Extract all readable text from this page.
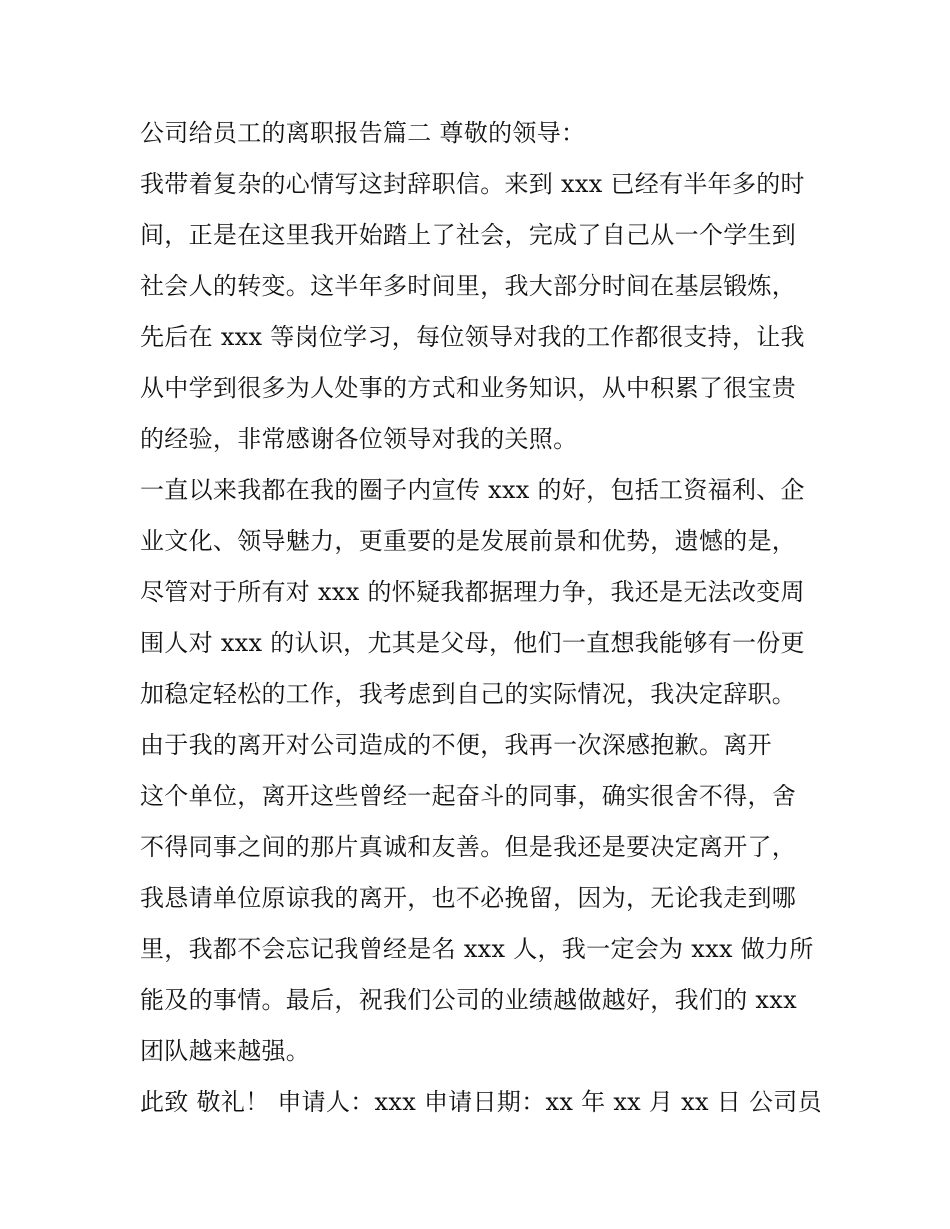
公司给员工的离职报告篇二 尊敬的领导：
我带着复杂的心情写这封辞职信。来到 xxx 已经有半年多的时
间，正是在这里我开始踏上了社会，完成了自己从一个学生到
社会人的转变。这半年多时间里，我大部分时间在基层锻炼，
先后在 xxx 等岗位学习，每位领导对我的工作都很支持，让我
从中学到很多为人处事的方式和业务知识，从中积累了很宝贵
的经验，非常感谢各位领导对我的关照。
一直以来我都在我的圈子内宣传 xxx 的好，包括工资福利、企
业文化、领导魅力，更重要的是发展前景和优势，遗憾的是，
尽管对于所有对 xxx 的怀疑我都据理力争，我还是无法改变周
围人对 xxx 的认识，尤其是父母，他们一直想我能够有一份更
加稳定轻松的工作，我考虑到自己的实际情况，我决定辞职。
由于我的离开对公司造成的不便，我再一次深感抱歉。离开
这个单位，离开这些曾经一起奋斗的同事，确实很舍不得，舍
不得同事之间的那片真诚和友善。但是我还是要决定离开了，
我恳请单位原谅我的离开，也不必挽留，因为，无论我走到哪
里，我都不会忘记我曾经是名 xxx 人，我一定会为 xxx 做力所
能及的事情。最后，祝我们公司的业绩越做越好，我们的 xxx
团队越来越强。
此致 敬礼！ 申请人：xxx 申请日期：xx 年 xx 月 xx 日 公司员
